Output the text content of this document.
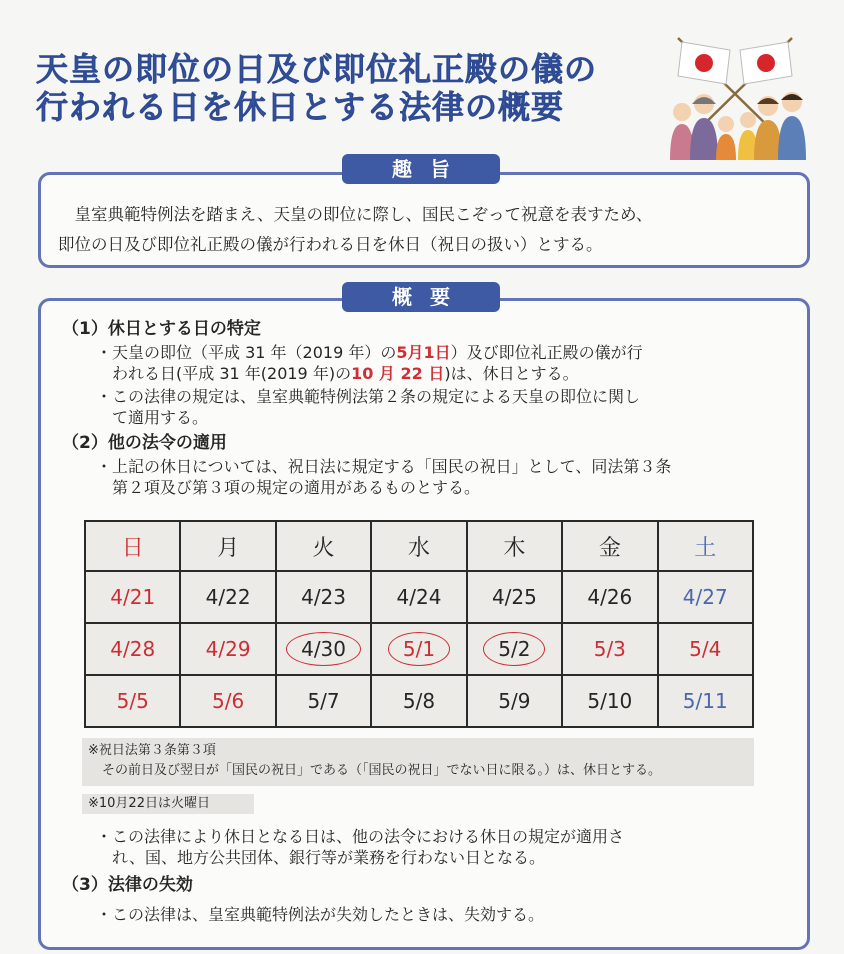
天皇の即位の日及び即位礼正殿の儀の
行われる日を休日とする法律の概要
趣旨
　皇室典範特例法を踏まえ、天皇の即位に際し、国民こぞって祝意を表すため、
即位の日及び即位礼正殿の儀が行われる日を休日（祝日の扱い）とする。
概要
（1）休日とする日の特定
・天皇の即位（平成 31 年（2019 年）の5月1日）及び即位礼正殿の儀が行
われる日(平成 31 年(2019 年)の10 月 22 日)は、休日とする。
・この法律の規定は、皇室典範特例法第２条の規定による天皇の即位に関し
て適用する。
（2）他の法令の適用
・上記の休日については、祝日法に規定する「国民の祝日」として、同法第３条
第２項及び第３項の規定の適用があるものとする。
日	月	火	水	木	金	土
4/21	4/22	4/23	4/24	4/25	4/26	4/27
4/28	4/29	4/30	5/1	5/2	5/3	5/4
5/5	5/6	5/7	5/8	5/9	5/10	5/11
※祝日法第３条第３項
その前日及び翌日が「国民の祝日」である（「国民の祝日」でない日に限る。）は、休日とする。
※10月22日は火曜日
・この法律により休日となる日は、他の法令における休日の規定が適用さ
れ、国、地方公共団体、銀行等が業務を行わない日となる。
（3）法律の失効
・この法律は、皇室典範特例法が失効したときは、失効する。
